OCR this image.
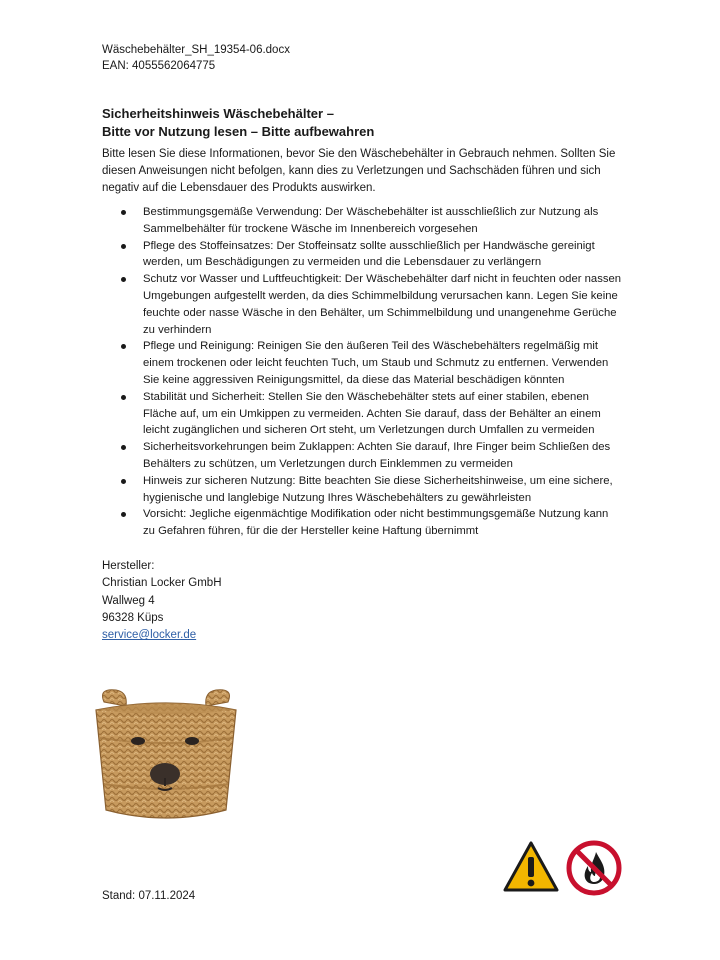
Wäschebehälter_SH_19354-06.docx
EAN: 4055562064775
Sicherheitshinweis Wäschebehälter –
Bitte vor Nutzung lesen – Bitte aufbewahren
Bitte lesen Sie diese Informationen, bevor Sie den Wäschebehälter in Gebrauch nehmen. Sollten Sie diesen Anweisungen nicht befolgen, kann dies zu Verletzungen und Sachschäden führen und sich negativ auf die Lebensdauer des Produkts auswirken.
Bestimmungsgemäße Verwendung: Der Wäschebehälter ist ausschließlich zur Nutzung als Sammelbehälter für trockene Wäsche im Innenbereich vorgesehen
Pflege des Stoffeinsatzes: Der Stoffeinsatz sollte ausschließlich per Handwäsche gereinigt werden, um Beschädigungen zu vermeiden und die Lebensdauer zu verlängern
Schutz vor Wasser und Luftfeuchtigkeit: Der Wäschebehälter darf nicht in feuchten oder nassen Umgebungen aufgestellt werden, da dies Schimmelbildung verursachen kann. Legen Sie keine feuchte oder nasse Wäsche in den Behälter, um Schimmelbildung und unangenehme Gerüche zu verhindern
Pflege und Reinigung: Reinigen Sie den äußeren Teil des Wäschebehälters regelmäßig mit einem trockenen oder leicht feuchten Tuch, um Staub und Schmutz zu entfernen. Verwenden Sie keine aggressiven Reinigungsmittel, da diese das Material beschädigen könnten
Stabilität und Sicherheit: Stellen Sie den Wäschebehälter stets auf einer stabilen, ebenen Fläche auf, um ein Umkippen zu vermeiden. Achten Sie darauf, dass der Behälter an einem leicht zugänglichen und sicheren Ort steht, um Verletzungen durch Umfallen zu vermeiden
Sicherheitsvorkehrungen beim Zuklappen: Achten Sie darauf, Ihre Finger beim Schließen des Behälters zu schützen, um Verletzungen durch Einklemmen zu vermeiden
Hinweis zur sicheren Nutzung: Bitte beachten Sie diese Sicherheitshinweise, um eine sichere, hygienische und langlebige Nutzung Ihres Wäschebehälters zu gewährleisten
Vorsicht: Jegliche eigenmächtige Modifikation oder nicht bestimmungsgemäße Nutzung kann zu Gefahren führen, für die der Hersteller keine Haftung übernimmt
Hersteller:
Christian Locker GmbH
Wallweg 4
96328 Küps
service@locker.de
Stand: 07.11.2024
